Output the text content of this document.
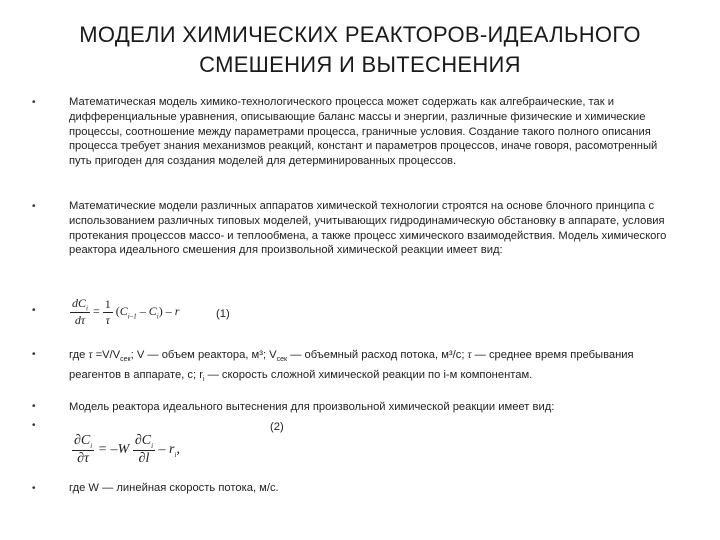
МОДЕЛИ ХИМИЧЕСКИХ РЕАКТОРОВ-ИДЕАЛЬНОГО
СМЕШЕНИЯ И ВЫТЕСНЕНИЯ
•
•
•
•
•
•
•
Математическая модель химико-технологического процесса может содержать как алгебраические, так и дифференциальные уравнения, описывающие баланс массы и энергии, различные физические и химические процессы, соотношение между параметрами процесса, граничные условия. Создание такого полного описания процесса требует знания механизмов реакций, констант и параметров процессов, иначе говоря, расомотренный путь пригоден для создания моделей для детерминированных процессов.
Математические модели различных аппаратов химической технологии строятся на основе блочного принципа с использованием различных типовых моделей, учитывающих гидродинамическую обстановку в аппарате, условия протекания процессов массо- и теплообмена, а также процесс химического взаимодействия. Модель химического реактора идеального смешения для произвольной химической реакции имеет вид:
$\frac{dC_i}{d\tau} = \frac{1}{\tau} (C_{i-1} - C_i) - r$	(1)
где $\tau =V/V_{сек}$; V — объем реактора, м³; $V_{сек}$ — объемный расход потока, м³/с; τ — среднее время пребывания реагентов в аппарате, с; $r_i$ — скорость сложной химической реакции по i-м компонентам.
Модель реактора идеального вытеснения для произвольной химической реакции имеет вид:
(2)
$\frac{\partial C_i}{\partial\tau} = -W \frac{\partial C_i}{\partial l} - r_i$,
где W — линейная скорость потока, м/с.
